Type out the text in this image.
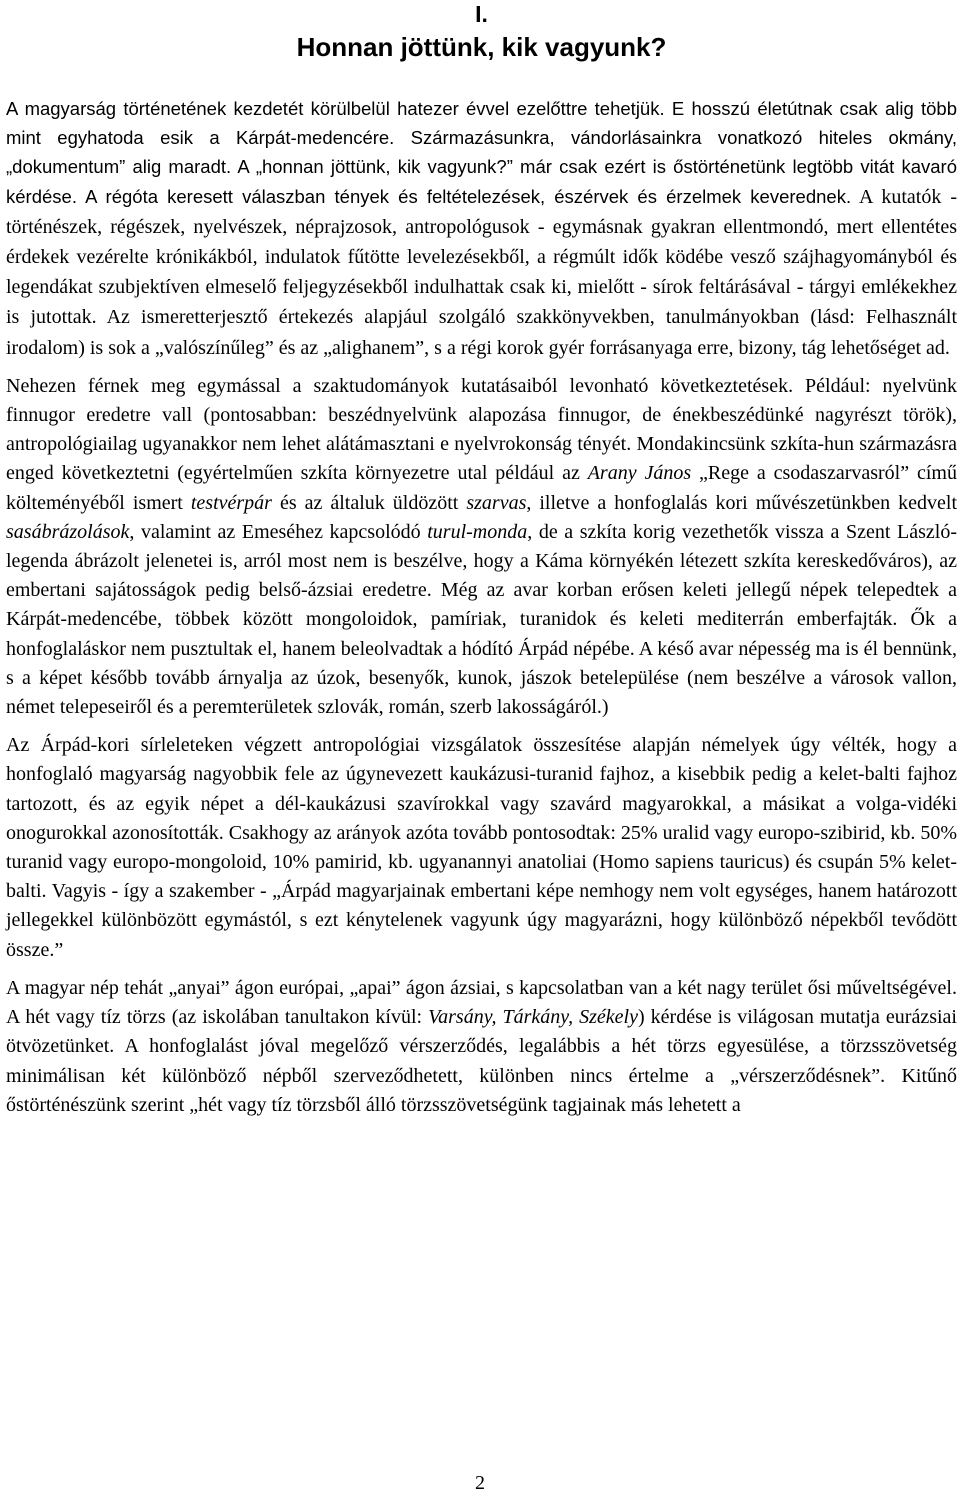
I.
Honnan jöttünk, kik vagyunk?

A magyarság történetének kezdetét körülbelül hatezer évvel ezelőttre tehetjük. E hosszú életútnak csak alig több mint egyhatoda esik a Kárpát-medencére. Származásunkra, vándorlásainkra vonatkozó hiteles okmány, „dokumentum” alig maradt. A „honnan jöttünk, kik vagyunk?” már csak ezért is őstörténetünk legtöbb vitát kavaró kérdése. A régóta keresett válaszban tények és feltételezések, észérvek és érzelmek keverednek. A kutatók - történészek, régészek, nyelvészek, néprajzosok, antropológusok - egymásnak gyakran ellentmondó, mert ellentétes érdekek vezérelte krónikákból, indulatok fűtötte levelezésekből, a régmúlt idők ködébe vesző szájhagyományból és legendákat szubjektíven elmeselő feljegyzésekből indulhattak csak ki, mielőtt - sírok feltárásával - tárgyi emlékekhez is jutottak. Az ismeretterjesztő értekezés alapjául szolgáló szakkönyvekben, tanulmányokban (lásd: Felhasznált irodalom) is sok a „valószínűleg” és az „alighanem”, s a régi korok gyér forrásanyaga erre, bizony, tág lehetőséget ad.

Nehezen férnek meg egymással a szaktudományok kutatásaiból levonható következtetések. Például: nyelvünk finnugor eredetre vall (pontosabban: beszédnyelvünk alapozása finnugor, de énekbeszédünké nagyrészt török), antropológiailag ugyanakkor nem lehet alátámasztani e nyelvrokonság tényét. Mondakincsünk szkíta-hun származásra enged következtetni (egyértelműen szkíta környezetre utal például az Arany János „Rege a csodaszarvasról” című költeményéből ismert testvérpár és az általuk üldözött szarvas, illetve a honfoglalás kori művészetünkben kedvelt sasábrázolások, valamint az Emeséhez kapcsolódó turul-monda, de a szkíta korig vezethetők vissza a Szent László-legenda ábrázolt jelenetei is, arról most nem is beszélve, hogy a Káma környékén létezett szkíta kereskedőváros), az embertani sajátosságok pedig belső-ázsiai eredetre. Még az avar korban erősen keleti jellegű népek telepedtek a Kárpát-medencébe, többek között mongoloidok, pamíriak, turanidok és keleti mediterrán emberfajták. Ők a honfoglaláskor nem pusztultak el, hanem beleolvadtak a hódító Árpád népébe. A késő avar népesség ma is él bennünk, s a képet később tovább árnyalja az úzok, besenyők, kunok, jászok betelepülése (nem beszélve a városok vallon, német telepeseiről és a peremterületek szlovák, román, szerb lakosságáról.)

Az Árpád-kori sírleleteken végzett antropológiai vizsgálatok összesítése alapján némelyek úgy vélték, hogy a honfoglaló magyarság nagyobbik fele az úgynevezett kaukázusi-turanid fajhoz, a kisebbik pedig a kelet-balti fajhoz tartozott, és az egyik népet a dél-kaukázusi szavírokkal vagy szavárd magyarokkal, a másikat a volga-vidéki onogurokkal azonosították. Csakhogy az arányok azóta tovább pontosodtak: 25% uralid vagy europo-szibirid, kb. 50% turanid vagy europo-mongoloid, 10% pamirid, kb. ugyanannyi anatoliai (Homo sapiens tauricus) és csupán 5% kelet-balti. Vagyis - így a szakember - „Árpád magyarjainak embertani képe nemhogy nem volt egységes, hanem határozott jellegekkel különbözött egymástól, s ezt kénytelenek vagyunk úgy magyarázni, hogy különböző népekből tevődött össze.”

A magyar nép tehát „anyai” ágon európai, „apai” ágon ázsiai, s kapcsolatban van a két nagy terület ősi műveltségével. A hét vagy tíz törzs (az iskolában tanultakon kívül: Varsány, Tárkány, Székely) kérdése is világosan mutatja eurázsiai ötvözetünket. A honfoglalást jóval megelőző vérszerződés, legalábbis a hét törzs egyesülése, a törzsszövetség minimálisan két különböző népből szerveződhetett, különben nincs értelme a „vérszerződésnek”. Kitűnő őstörténészünk szerint „hét vagy tíz törzsből álló törzsszövetségünk tagjainak más lehetett a

2
